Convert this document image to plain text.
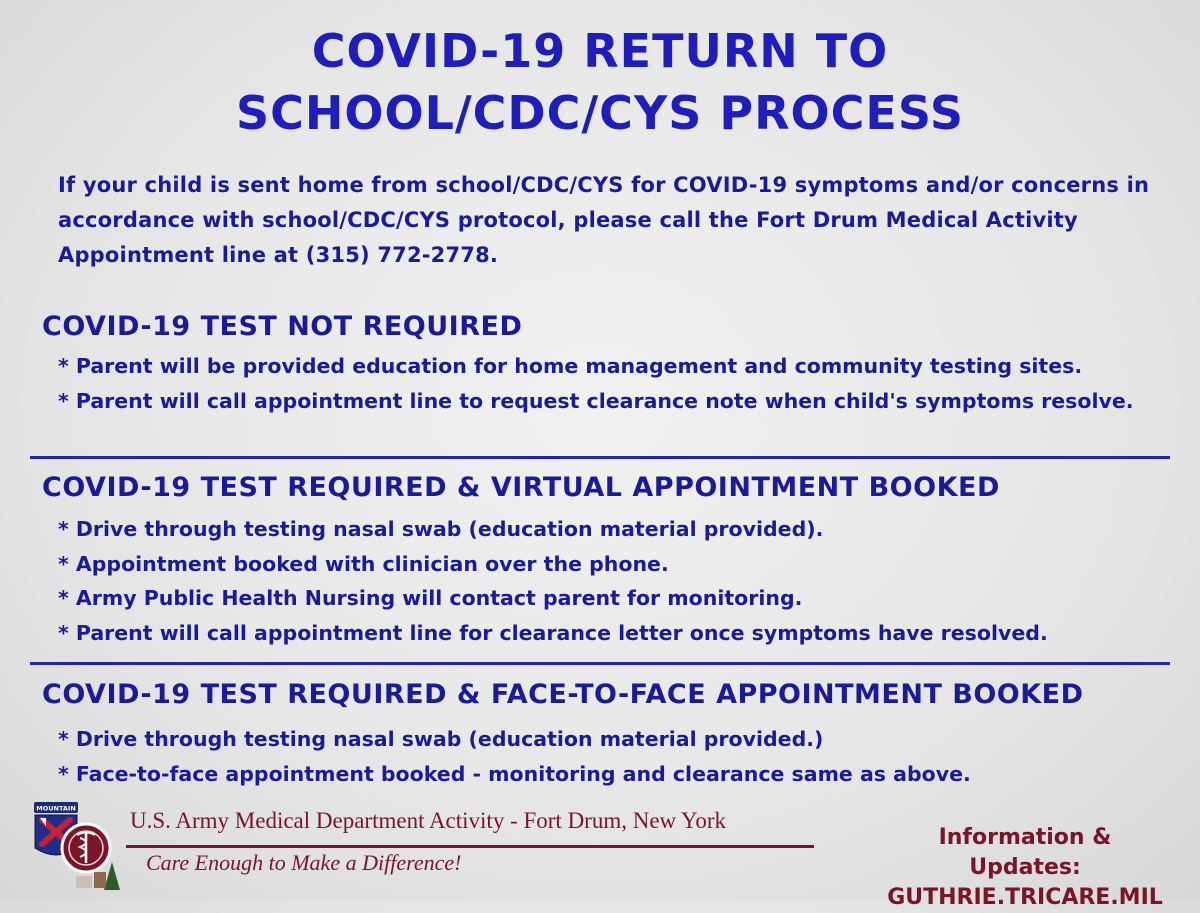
COVID-19 RETURN TO
SCHOOL/CDC/CYS PROCESS

If your child is sent home from school/CDC/CYS for COVID-19 symptoms and/or concerns in accordance with school/CDC/CYS protocol, please call the Fort Drum Medical Activity Appointment line at (315) 772-2778.

COVID-19 TEST NOT REQUIRED
* Parent will be provided education for home management and community testing sites.
* Parent will call appointment line to request clearance note when child's symptoms resolve.
COVID-19 TEST REQUIRED & VIRTUAL APPOINTMENT BOOKED
* Drive through testing nasal swab (education material provided).
* Appointment booked with clinician over the phone.
* Army Public Health Nursing will contact parent for monitoring.
* Parent will call appointment line for clearance letter once symptoms have resolved.
COVID-19 TEST REQUIRED & FACE-TO-FACE APPOINTMENT BOOKED
* Drive through testing nasal swab (education material provided.)
* Face-to-face appointment booked - monitoring and clearance same as above.
MOUNTAIN U.S. Army Medical Department Activity - Fort Drum, New York
Care Enough to Make a Difference!
Information & Updates:
GUTHRIE.TRICARE.MIL
